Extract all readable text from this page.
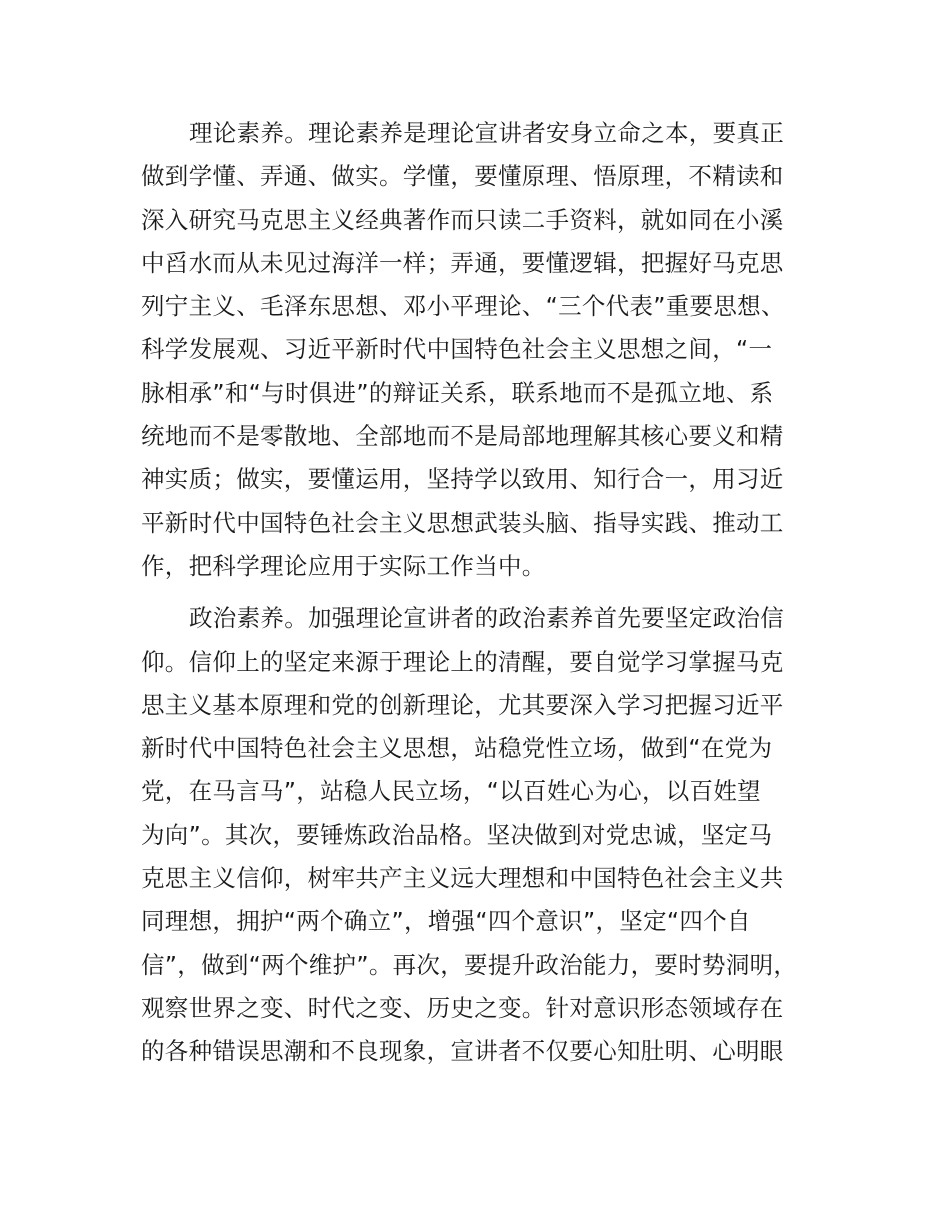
理论素养。理论素养是理论宣讲者安身立命之本，要真正
做到学懂、弄通、做实。学懂，要懂原理、悟原理，不精读和
深入研究马克思主义经典著作而只读二手资料，就如同在小溪
中舀水而从未见过海洋一样；弄通，要懂逻辑，把握好马克思
列宁主义、毛泽东思想、邓小平理论、“三个代表”重要思想、
科学发展观、习近平新时代中国特色社会主义思想之间，“一
脉相承”和“与时俱进”的辩证关系，联系地而不是孤立地、系
统地而不是零散地、全部地而不是局部地理解其核心要义和精
神实质；做实，要懂运用，坚持学以致用、知行合一，用习近
平新时代中国特色社会主义思想武装头脑、指导实践、推动工
作，把科学理论应用于实际工作当中。
政治素养。加强理论宣讲者的政治素养首先要坚定政治信
仰。信仰上的坚定来源于理论上的清醒，要自觉学习掌握马克
思主义基本原理和党的创新理论，尤其要深入学习把握习近平
新时代中国特色社会主义思想，站稳党性立场，做到“在党为
党，在马言马”，站稳人民立场，“以百姓心为心，以百姓望
为向”。其次，要锤炼政治品格。坚决做到对党忠诚，坚定马
克思主义信仰，树牢共产主义远大理想和中国特色社会主义共
同理想，拥护“两个确立”，增强“四个意识”，坚定“四个自
信”，做到“两个维护”。再次，要提升政治能力，要时势洞明，
观察世界之变、时代之变、历史之变。针对意识形态领域存在
的各种错误思潮和不良现象，宣讲者不仅要心知肚明、心明眼
